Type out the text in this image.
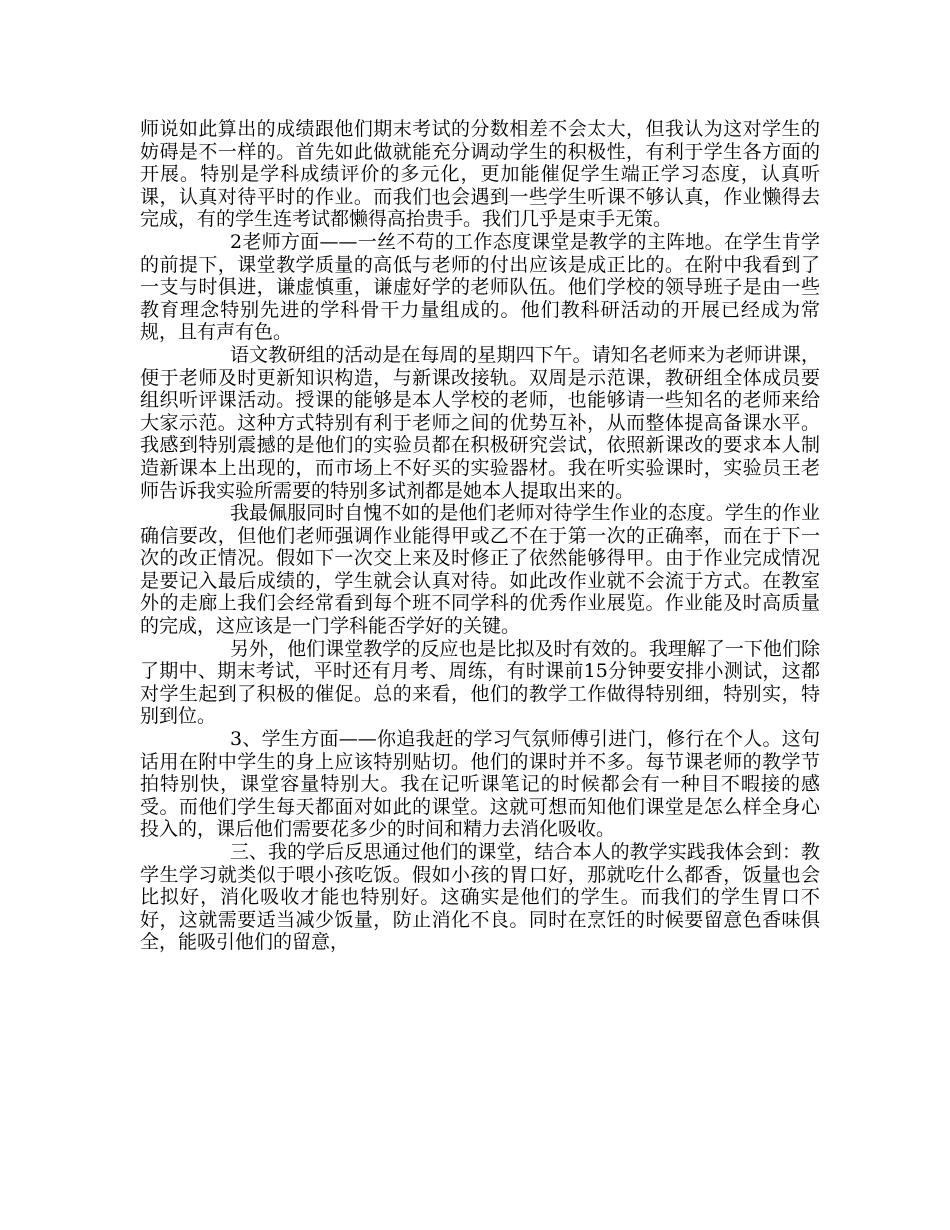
师说如此算出的成绩跟他们期末考试的分数相差不会太大，但我认为这对学生的妨碍是不一样的。首先如此做就能充分调动学生的积极性，有利于学生各方面的开展。特别是学科成绩评价的多元化，更加能催促学生端正学习态度，认真听课，认真对待平时的作业。而我们也会遇到一些学生听课不够认真，作业懒得去完成，有的学生连考试都懒得高抬贵手。我们几乎是束手无策。

2老师方面——一丝不苟的工作态度课堂是教学的主阵地。在学生肯学的前提下，课堂教学质量的高低与老师的付出应该是成正比的。在附中我看到了一支与时俱进，谦虚慎重，谦虚好学的老师队伍。他们学校的领导班子是由一些教育理念特别先进的学科骨干力量组成的。他们教科研活动的开展已经成为常规，且有声有色。

语文教研组的活动是在每周的星期四下午。请知名老师来为老师讲课，便于老师及时更新知识构造，与新课改接轨。双周是示范课，教研组全体成员要组织听评课活动。授课的能够是本人学校的老师，也能够请一些知名的老师来给大家示范。这种方式特别有利于老师之间的优势互补，从而整体提高备课水平。我感到特别震撼的是他们的实验员都在积极研究尝试，依照新课改的要求本人制造新课本上出现的，而市场上不好买的实验器材。我在听实验课时，实验员王老师告诉我实验所需要的特别多试剂都是她本人提取出来的。

我最佩服同时自愧不如的是他们老师对待学生作业的态度。学生的作业确信要改，但他们老师强调作业能得甲或乙不在于第一次的正确率，而在于下一次的改正情况。假如下一次交上来及时修正了依然能够得甲。由于作业完成情况是要记入最后成绩的，学生就会认真对待。如此改作业就不会流于方式。在教室外的走廊上我们会经常看到每个班不同学科的优秀作业展览。作业能及时高质量的完成，这应该是一门学科能否学好的关键。

另外，他们课堂教学的反应也是比拟及时有效的。我理解了一下他们除了期中、期末考试，平时还有月考、周练，有时课前15分钟要安排小测试，这都对学生起到了积极的催促。总的来看，他们的教学工作做得特别细，特别实，特别到位。

3、学生方面——你追我赶的学习气氛师傅引进门，修行在个人。这句话用在附中学生的身上应该特别贴切。他们的课时并不多。每节课老师的教学节拍特别快，课堂容量特别大。我在记听课笔记的时候都会有一种目不暇接的感受。而他们学生每天都面对如此的课堂。这就可想而知他们课堂是怎么样全身心投入的，课后他们需要花多少的时间和精力去消化吸收。

三、我的学后反思通过他们的课堂，结合本人的教学实践我体会到：教学生学习就类似于喂小孩吃饭。假如小孩的胃口好，那就吃什么都香，饭量也会比拟好，消化吸收才能也特别好。这确实是他们的学生。而我们的学生胃口不好，这就需要适当减少饭量，防止消化不良。同时在烹饪的时候要留意色香味俱全，能吸引他们的留意，
